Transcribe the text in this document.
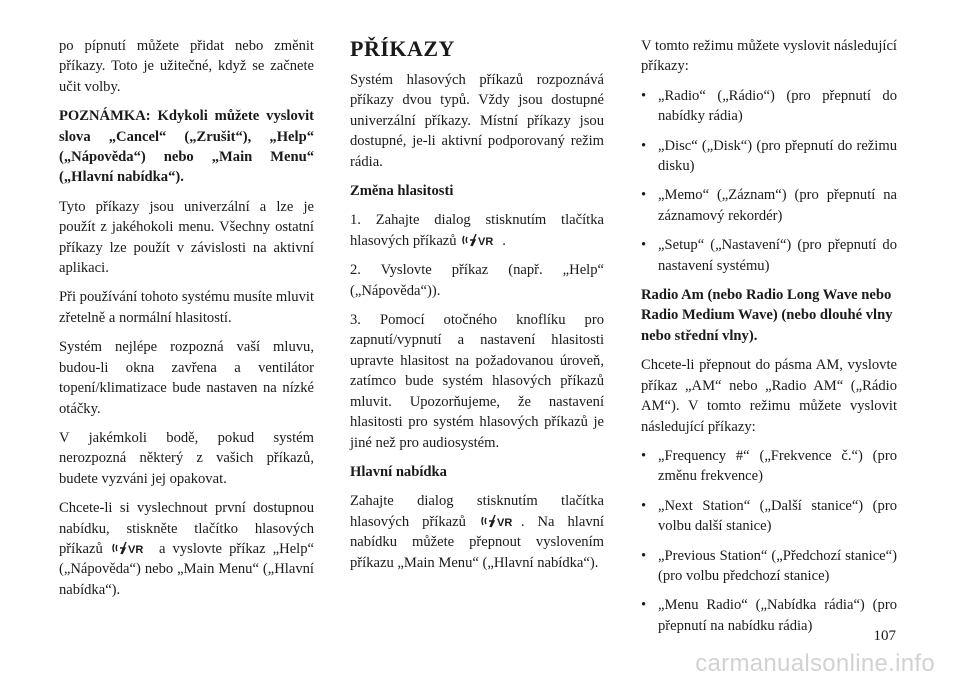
po pípnutí můžete přidat nebo změnit příkazy. Toto je užitečné, když se začnete učit volby.

POZNÁMKA: Kdykoli můžete vyslovit slova „Cancel“ („Zrušit“), „Help“ („Nápověda“) nebo „Main Menu“ („Hlavní nabídka“).

Tyto příkazy jsou univerzální a lze je použít z jakéhokoli menu. Všechny ostatní příkazy lze použít v závislosti na aktivní aplikaci.

Při používání tohoto systému musíte mluvit zřetelně a normální hlasitostí.

Systém nejlépe rozpozná vaší mluvu, budou-li okna zavřena a ventilátor topení/klimatizace bude nastaven na nízké otáčky.

V jakémkoli bodě, pokud systém nerozpozná některý z vašich příkazů, budete vyzváni jej opakovat.

Chcete-li si vyslechnout první dostupnou nabídku, stiskněte tlačítko hlasových příkazů VR a vyslovte příkaz „Help“ („Nápověda“) nebo „Main Menu“ („Hlavní nabídka“).

PŘÍKAZY

Systém hlasových příkazů rozpoznává příkazy dvou typů. Vždy jsou dostupné univerzální příkazy. Místní příkazy jsou dostupné, je-li aktivní podporovaný režim rádia.

Změna hlasitosti

1. Zahajte dialog stisknutím tlačítka hlasových příkazů VR .

2. Vyslovte příkaz (např. „Help“ („Nápověda“)).

3. Pomocí otočného knoflíku pro zapnutí/vypnutí a nastavení hlasitosti upravte hlasitost na požadovanou úroveň, zatímco bude systém hlasových příkazů mluvit. Upozorňujeme, že nastavení hlasitosti pro systém hlasových příkazů je jiné než pro audiosystém.

Hlavní nabídka

Zahajte dialog stisknutím tlačítka hlasových příkazů	VR . Na hlavní nabídku můžete přepnout vyslovením příkazu „Main Menu“ („Hlavní nabídka“).

V tomto režimu můžete vyslovit následující příkazy:

• „Radio“ („Rádio“) (pro přepnutí do nabídky rádia)
• „Disc“ („Disk“) (pro přepnutí do režimu disku)
• „Memo“ („Záznam“) (pro přepnutí na záznamový rekordér)
• „Setup“ („Nastavení“) (pro přepnutí do nastavení systému)

Radio Am (nebo Radio Long Wave nebo Radio Medium Wave) (nebo dlouhé vlny nebo střední vlny).

Chcete-li přepnout do pásma AM, vyslovte příkaz „AM“ nebo „Radio AM“ („Rádio AM“). V tomto režimu můžete vyslovit následující příkazy:

• „Frequency #“ („Frekvence č.“) (pro změnu frekvence)
• „Next Station“ („Další stanice“) (pro volbu další stanice)
• „Previous Station“ („Předchozí stanice“) (pro volbu předchozí stanice)
• „Menu Radio“ („Nabídka rádia“) (pro přepnutí na nabídku rádia)
107
carmanualsonline.info
